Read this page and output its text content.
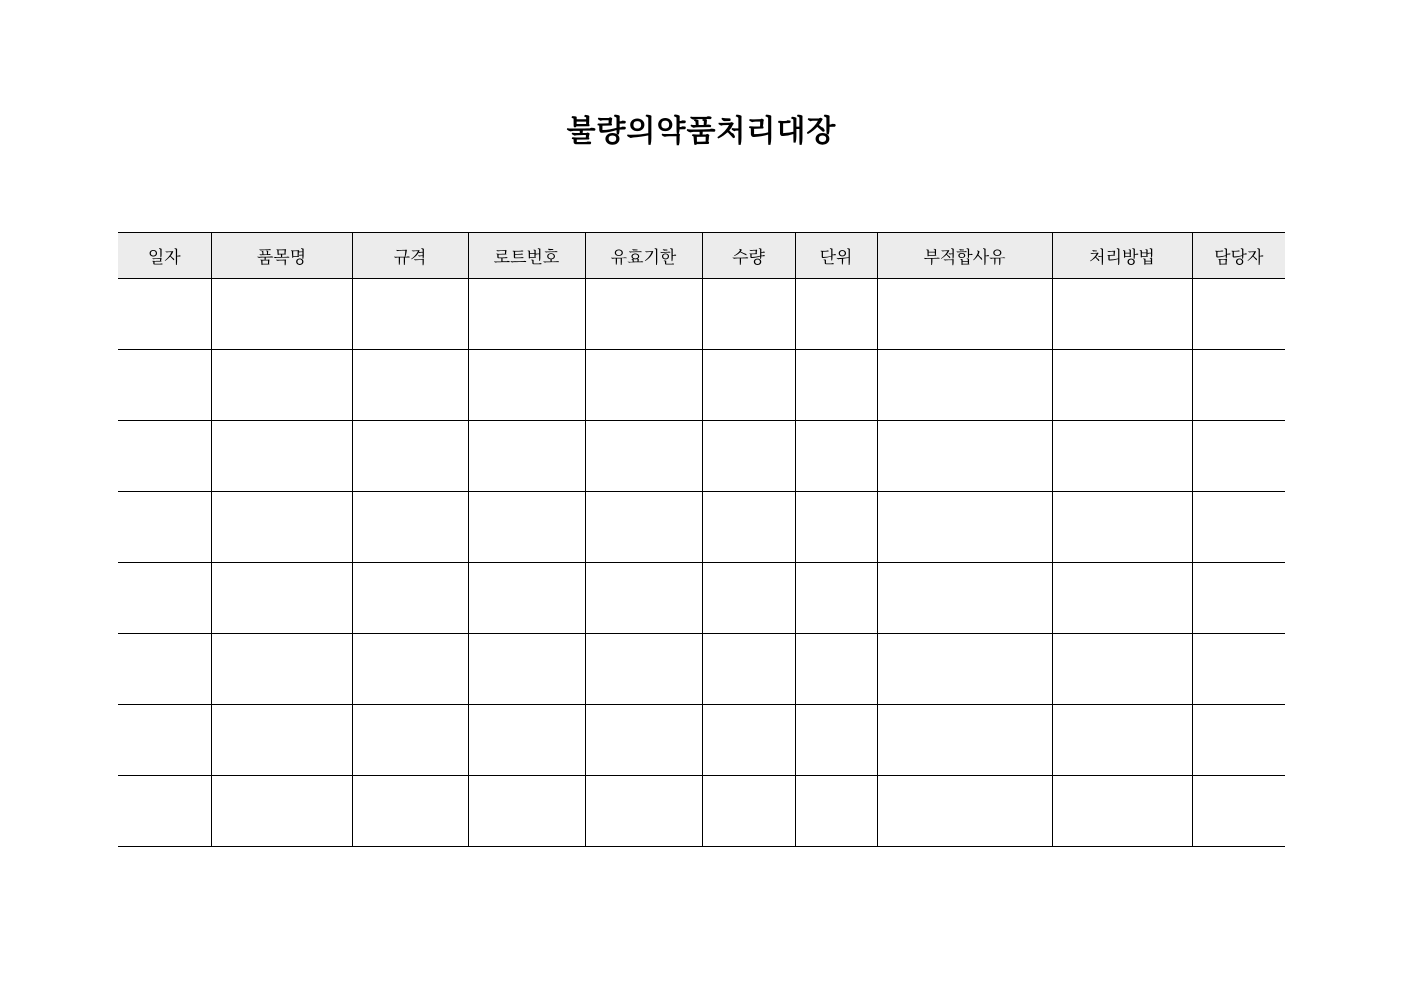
불량의약품처리대장
일자	품목명	규격	로트번호	유효기한	수량	단위	부적합사유	처리방법	담당자
